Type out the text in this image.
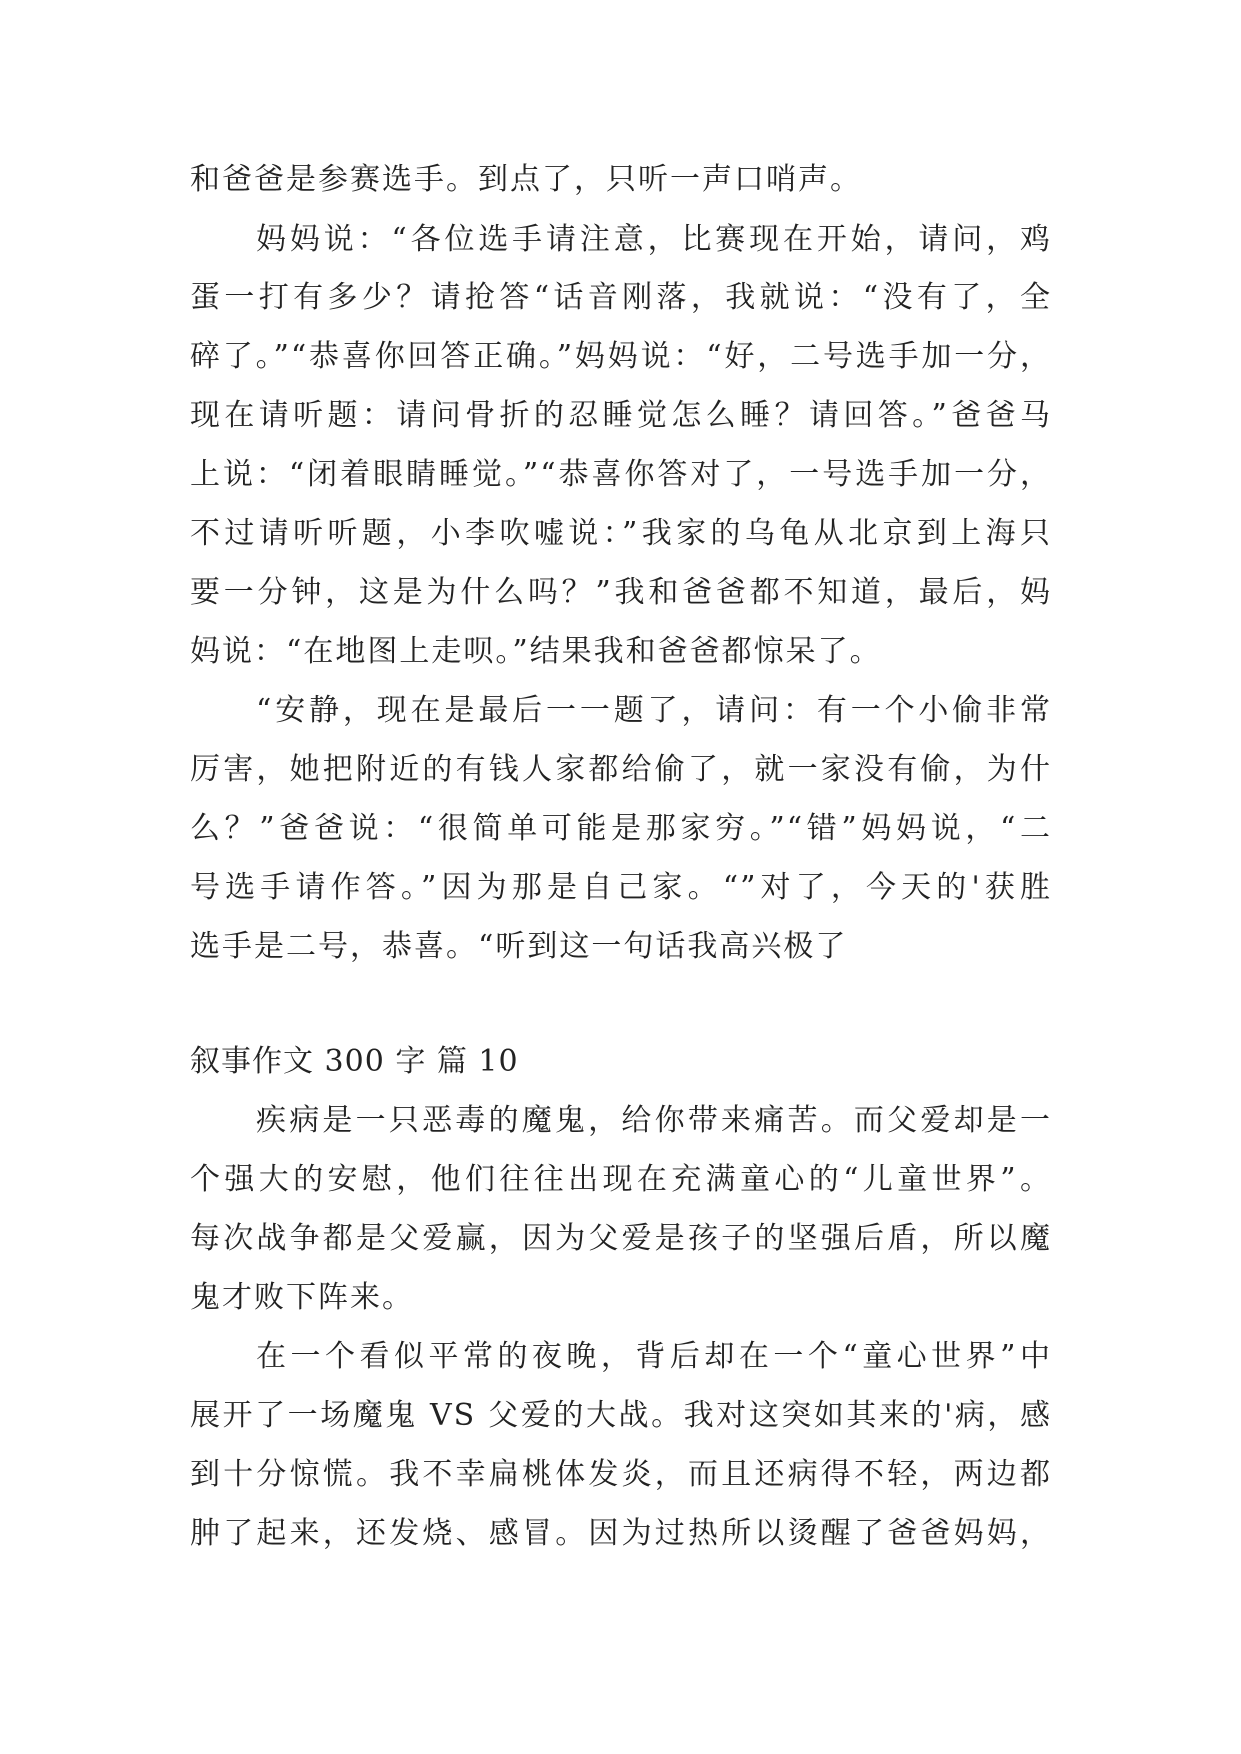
和爸爸是参赛选手。到点了，只听一声口哨声。
妈妈说：“各位选手请注意，比赛现在开始，请问，鸡
蛋一打有多少？请抢答“话音刚落，我就说：“没有了，全
碎了。”“恭喜你回答正确。”妈妈说：“好，二号选手加一分，
现在请听题：请问骨折的忍睡觉怎么睡？请回答。”爸爸马
上说：“闭着眼睛睡觉。”“恭喜你答对了，一号选手加一分，
不过请听听题，小李吹嘘说：”我家的乌龟从北京到上海只
要一分钟，这是为什么吗？”我和爸爸都不知道，最后，妈
妈说：“在地图上走呗。”结果我和爸爸都惊呆了。
“安静，现在是最后一一题了，请问：有一个小偷非常
厉害，她把附近的有钱人家都给偷了，就一家没有偷，为什
么？”爸爸说：“很简单可能是那家穷。”“错”妈妈说，“二
号选手请作答。”因为那是自己家。“”对了，今天的'获胜
选手是二号，恭喜。“听到这一句话我高兴极了
叙事作文 300 字 篇 10
疾病是一只恶毒的魔鬼，给你带来痛苦。而父爱却是一
个强大的安慰，他们往往出现在充满童心的“儿童世界”。
每次战争都是父爱赢，因为父爱是孩子的坚强后盾，所以魔
鬼才败下阵来。
在一个看似平常的夜晚，背后却在一个“童心世界”中
展开了一场魔鬼 VS 父爱的大战。我对这突如其来的'病，感
到十分惊慌。我不幸扁桃体发炎，而且还病得不轻，两边都
肿了起来，还发烧、感冒。因为过热所以烫醒了爸爸妈妈，
